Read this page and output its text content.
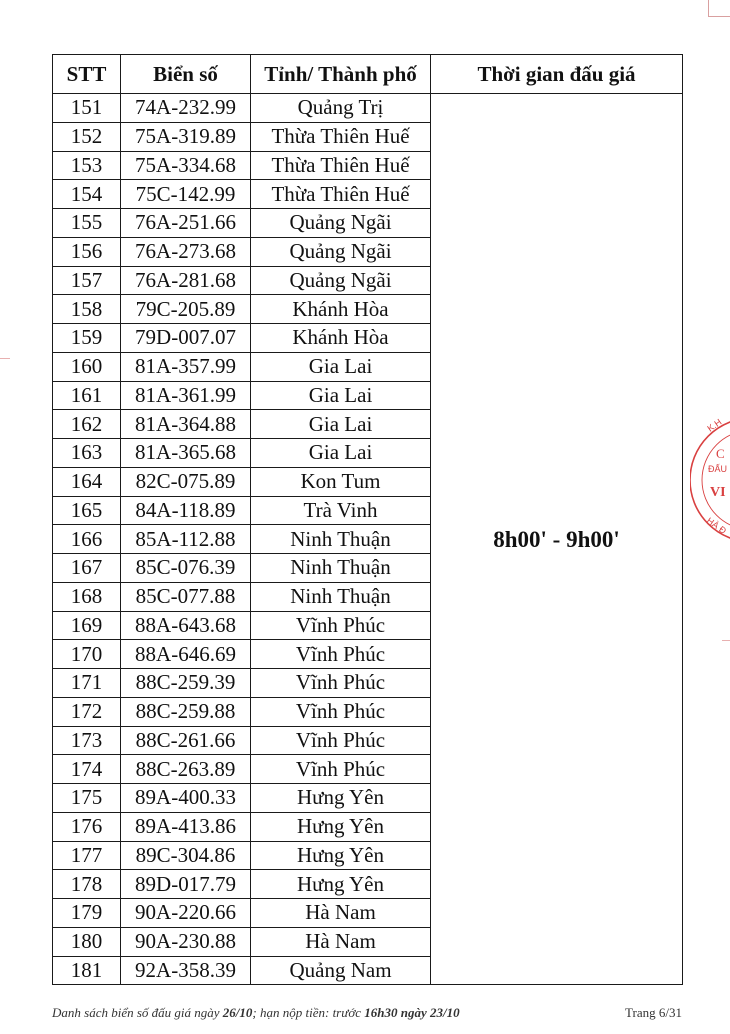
STT	Biển số	Tỉnh/ Thành phố	Thời gian đấu giá
151	74A-232.99	Quảng Trị	8h00' - 9h00'
152	75A-319.89	Thừa Thiên Huế	
153	75A-334.68	Thừa Thiên Huế	
154	75C-142.99	Thừa Thiên Huế	
155	76A-251.66	Quảng Ngãi	
156	76A-273.68	Quảng Ngãi	
157	76A-281.68	Quảng Ngãi	
158	79C-205.89	Khánh Hòa	
159	79D-007.07	Khánh Hòa	
160	81A-357.99	Gia Lai	
161	81A-361.99	Gia Lai	
162	81A-364.88	Gia Lai	
163	81A-365.68	Gia Lai	
164	82C-075.89	Kon Tum	
165	84A-118.89	Trà Vinh	
166	85A-112.88	Ninh Thuận	
167	85C-076.39	Ninh Thuận	
168	85C-077.88	Ninh Thuận	
169	88A-643.68	Vĩnh Phúc	
170	88A-646.69	Vĩnh Phúc	
171	88C-259.39	Vĩnh Phúc	
172	88C-259.88	Vĩnh Phúc	
173	88C-261.66	Vĩnh Phúc	
174	88C-263.89	Vĩnh Phúc	
175	89A-400.33	Hưng Yên	
176	89A-413.86	Hưng Yên	
177	89C-304.86	Hưng Yên	
178	89D-017.79	Hưng Yên	
179	90A-220.66	Hà Nam	
180	90A-230.88	Hà Nam	
181	92A-358.39	Quảng Nam	
Danh sách biển số đấu giá ngày 26/10; hạn nộp tiền: trước 16h30 ngày 23/10	Trang 6/31
K.H
C
ĐẤU
VI
HÀ Đ
